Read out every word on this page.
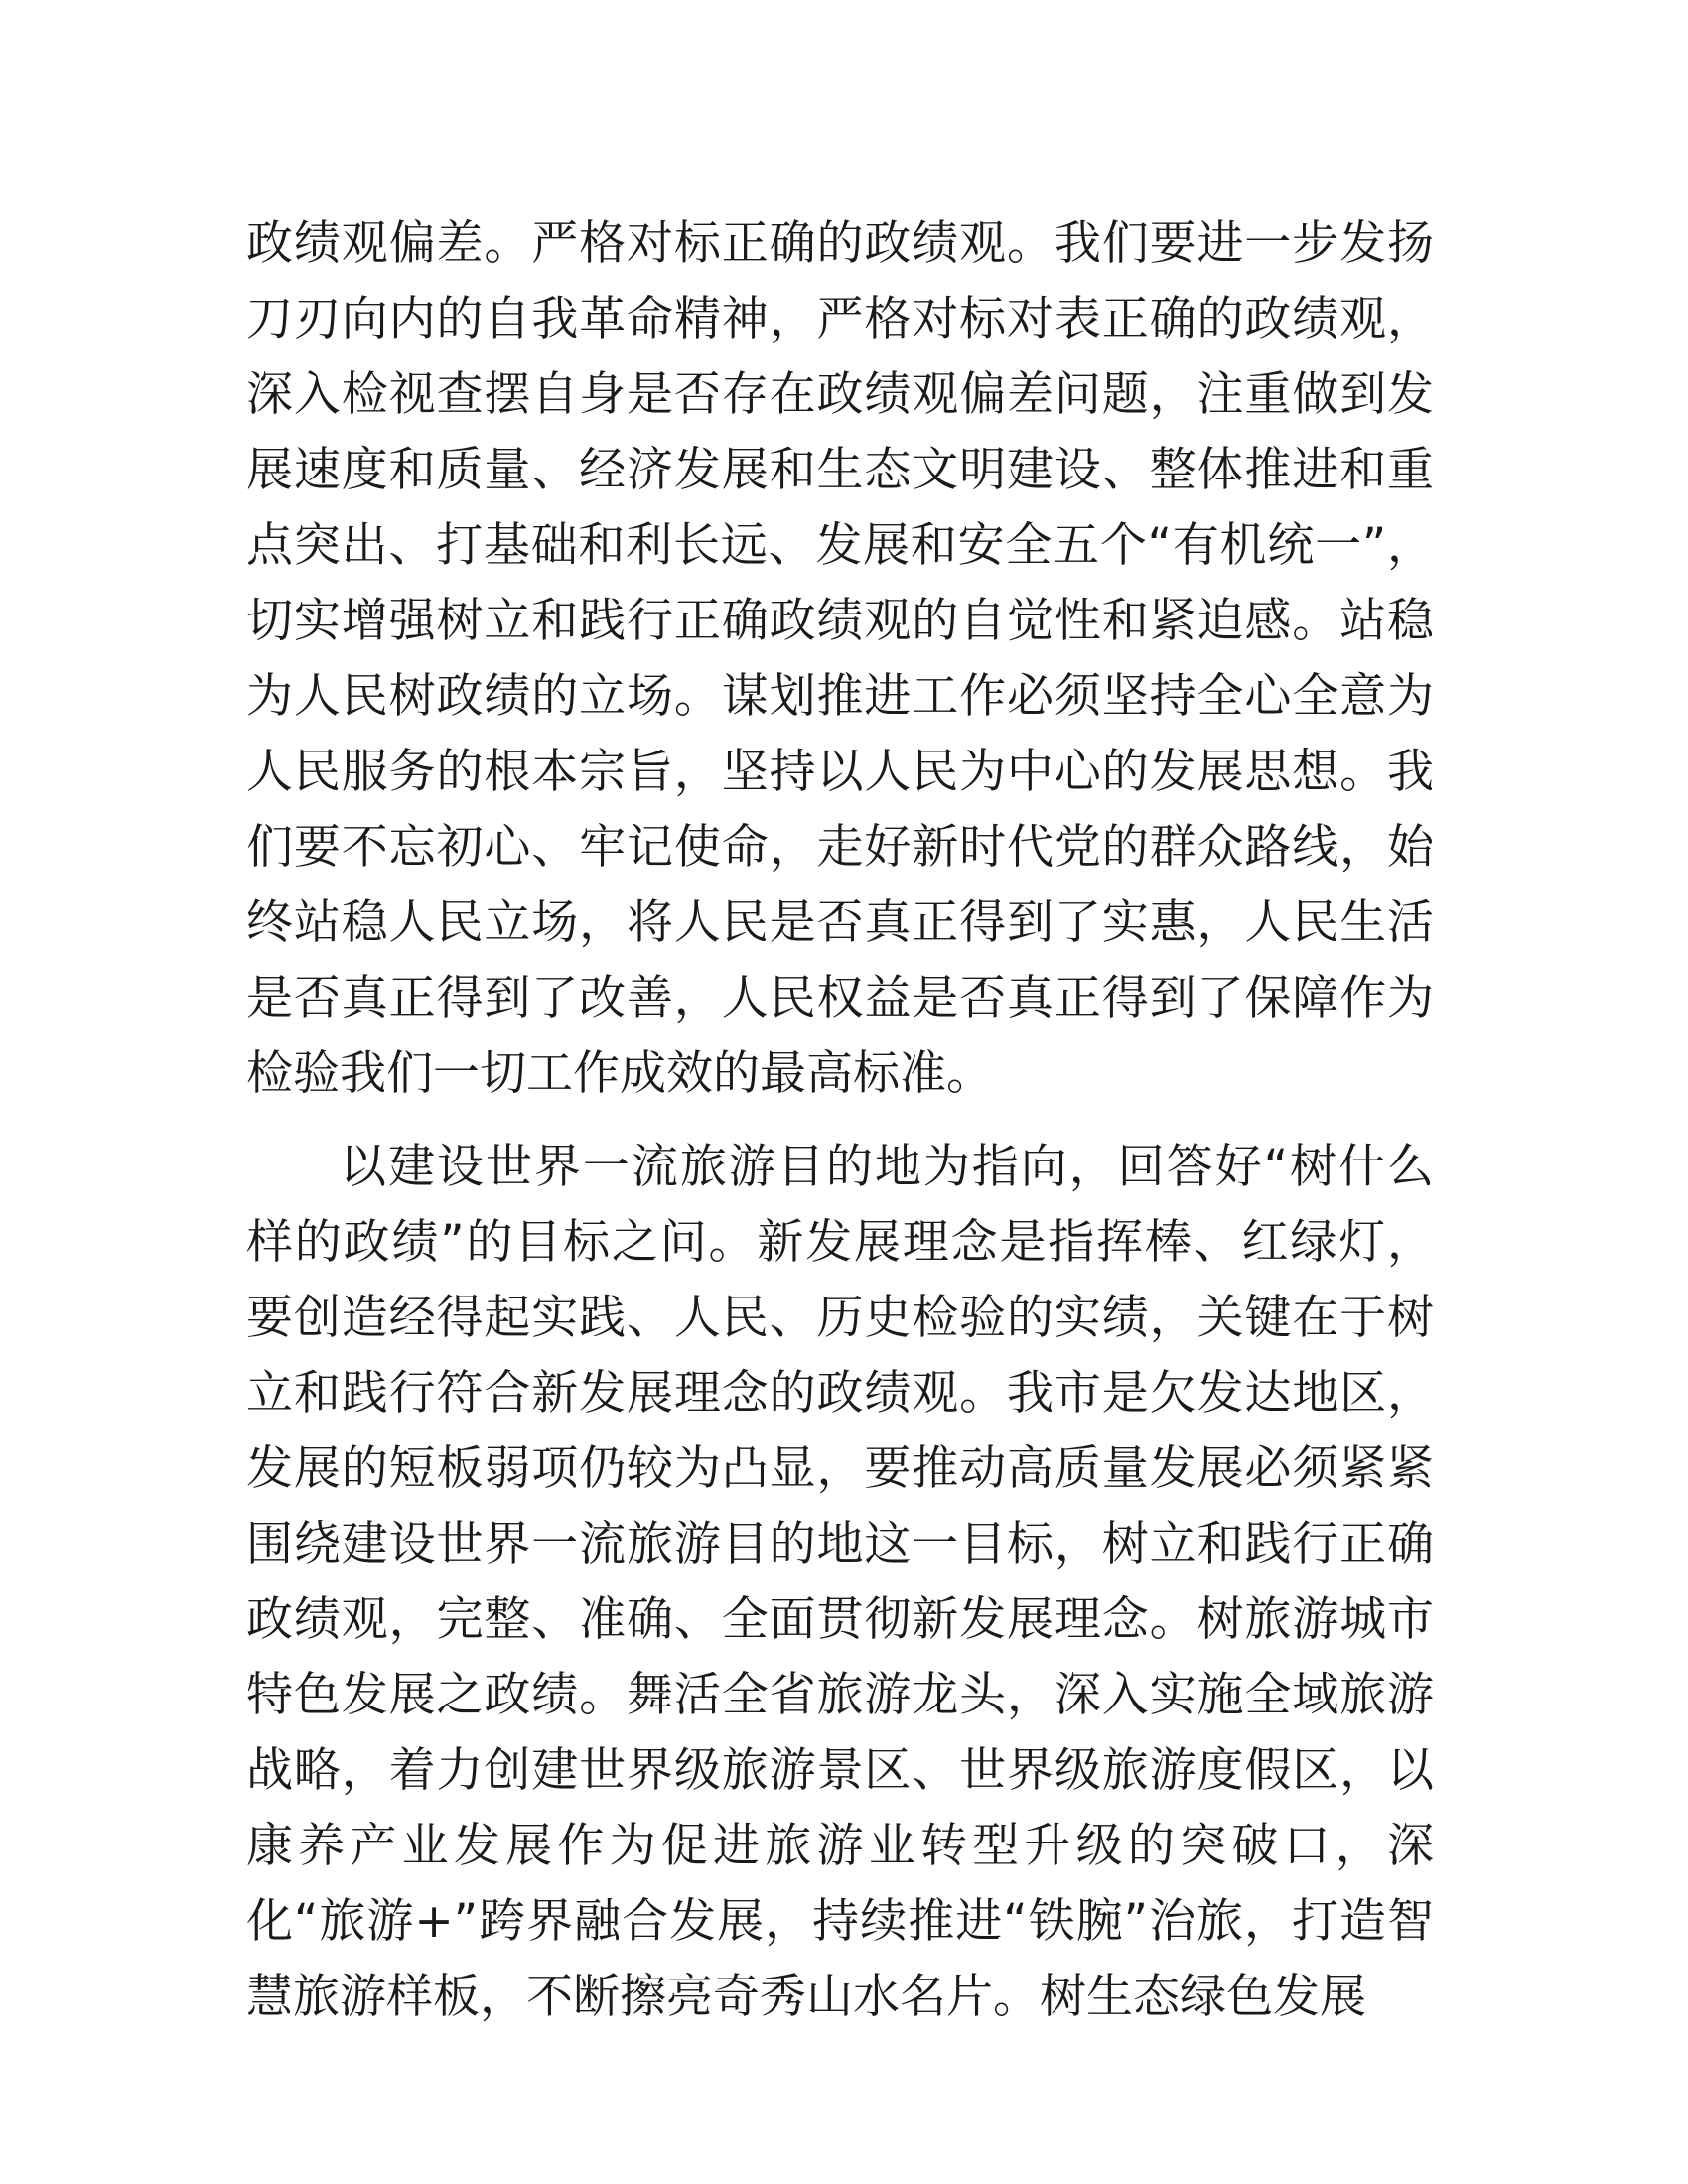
政绩观偏差。严格对标正确的政绩观。我们要进一步发扬刀刃向内的自我革命精神，严格对标对表正确的政绩观，深入检视查摆自身是否存在政绩观偏差问题，注重做到发展速度和质量、经济发展和生态文明建设、整体推进和重点突出、打基础和利长远、发展和安全五个“有机统一”，切实增强树立和践行正确政绩观的自觉性和紧迫感。站稳为人民树政绩的立场。谋划推进工作必须坚持全心全意为人民服务的根本宗旨，坚持以人民为中心的发展思想。我们要不忘初心、牢记使命，走好新时代党的群众路线，始终站稳人民立场，将人民是否真正得到了实惠，人民生活是否真正得到了改善，人民权益是否真正得到了保障作为检验我们一切工作成效的最高标准。

以建设世界一流旅游目的地为指向，回答好“树什么样的政绩”的目标之问。新发展理念是指挥棒、红绿灯，要创造经得起实践、人民、历史检验的实绩，关键在于树立和践行符合新发展理念的政绩观。我市是欠发达地区，发展的短板弱项仍较为凸显，要推动高质量发展必须紧紧围绕建设世界一流旅游目的地这一目标，树立和践行正确政绩观，完整、准确、全面贯彻新发展理念。树旅游城市特色发展之政绩。舞活全省旅游龙头，深入实施全域旅游战略，着力创建世界级旅游景区、世界级旅游度假区，以康养产业发展作为促进旅游业转型升级的突破口，深化“旅游+”跨界融合发展，持续推进“铁腕”治旅，打造智慧旅游样板，不断擦亮奇秀山水名片。树生态绿色发展
